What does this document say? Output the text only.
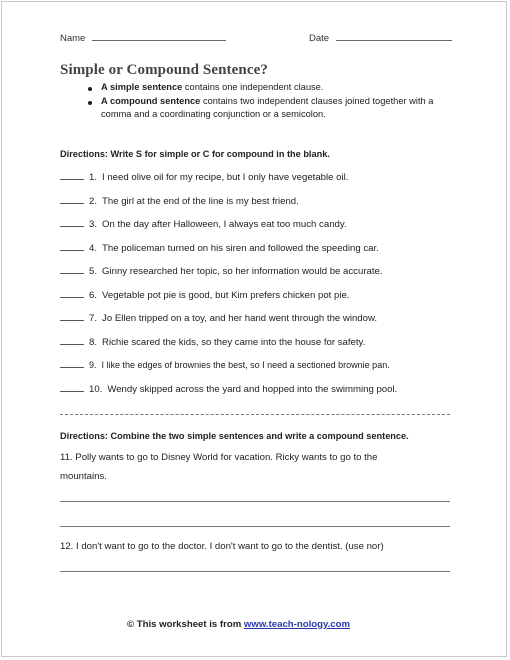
Name	Date
Simple or Compound Sentence?
A simple sentence contains one independent clause.
A compound sentence contains two independent clauses joined together with a comma and a coordinating conjunction or a semicolon.
Directions: Write S for simple or C for compound in the blank.
1. I need olive oil for my recipe, but I only have vegetable oil.
2. The girl at the end of the line is my best friend.
3. On the day after Halloween, I always eat too much candy.
4. The policeman turned on his siren and followed the speeding car.
5. Ginny researched her topic, so her information would be accurate.
6. Vegetable pot pie is good, but Kim prefers chicken pot pie.
7. Jo Ellen tripped on a toy, and her hand went through the window.
8. Richie scared the kids, so they came into the house for safety.
9. I like the edges of brownies the best, so I need a sectioned brownie pan.
10. Wendy skipped across the yard and hopped into the swimming pool.
Directions: Combine the two simple sentences and write a compound sentence.
11. Polly wants to go to Disney World for vacation. Ricky wants to go to the
mountains.
12. I don't want to go to the doctor. I don't want to go to the dentist. (use nor)
© This worksheet is from www.teach-nology.com
